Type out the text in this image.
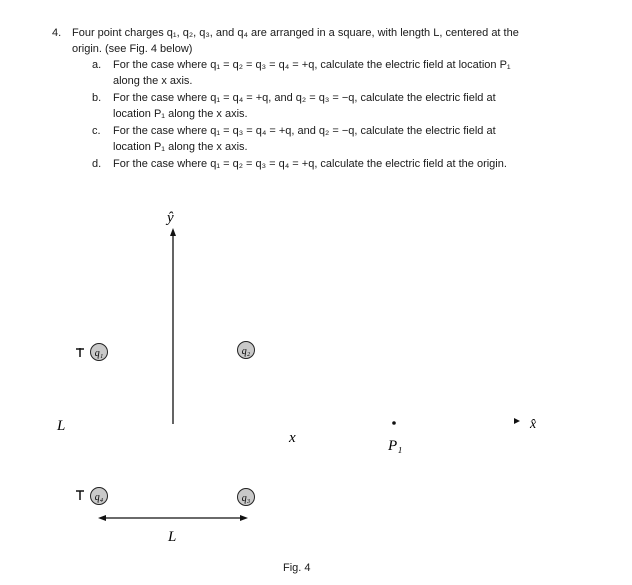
4. Four point charges q₁, q₂, q₃, and q₄ are arranged in a square, with length L, centered at the
origin. (see Fig. 4 below)
a.	For the case where q₁ = q₂ = q₃ = q₄ = +q, calculate the electric field at location P₁
along the x axis.
b.	For the case where q₁ = q₄ = +q, and q₂ = q₃ = −q, calculate the electric field at
location P₁ along the x axis.
c.	For the case where q₁ = q₃ = q₄ = +q, and q₂ = −q, calculate the electric field at
location P₁ along the x axis.
d.	For the case where q₁ = q₂ = q₃ = q₄ = +q, calculate the electric field at the origin.
ŷ
x̂
x
L
L
q₁	q₂
q₃
q₄
P₁
Fig. 4
